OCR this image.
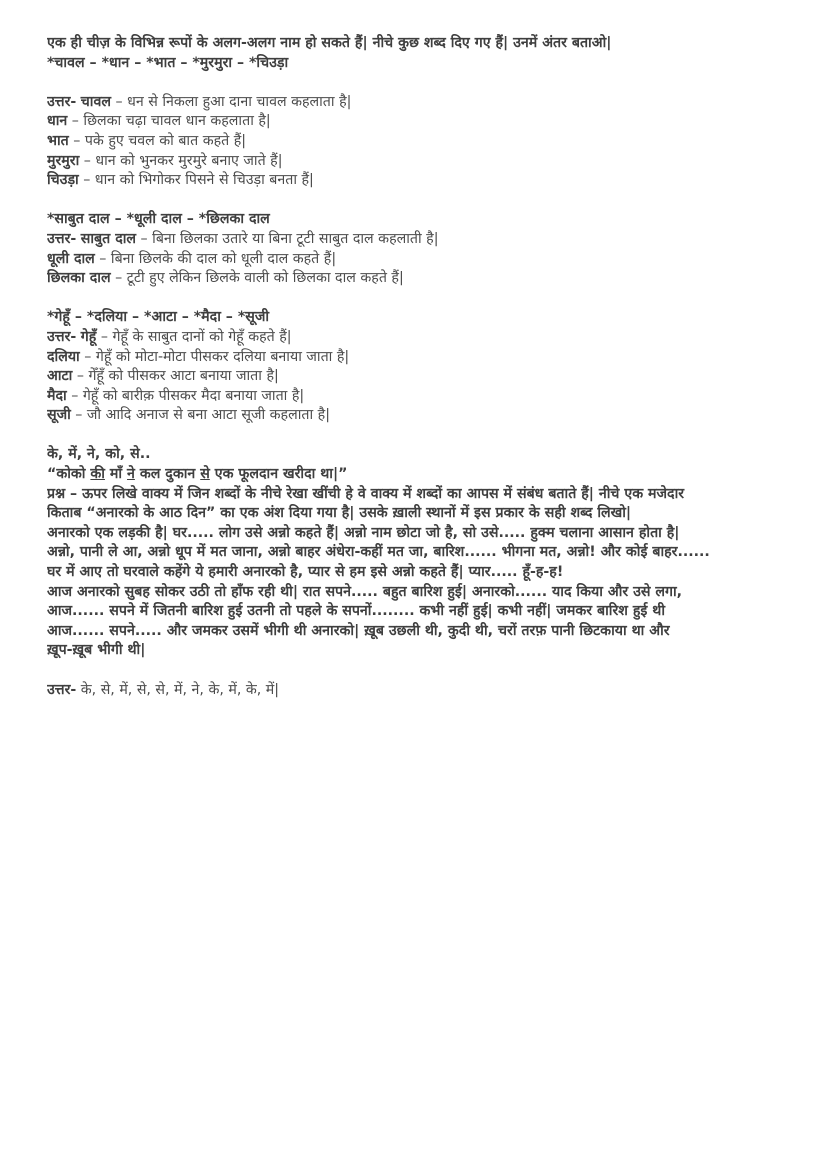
एक ही चीज़ के विभिन्न रूपों के अलग-अलग नाम हो सकते हैं| नीचे कुछ शब्द दिए गए हैं| उनमें अंतर बताओ|
*चावल – *धान – *भात – *मुरमुरा – *चिउड़ा
उत्तर- चावल – धन से निकला हुआ दाना चावल कहलाता है|
धान – छिलका चढ़ा चावल धान कहलाता है|
भात – पके हुए चवल को बात कहते हैं|
मुरमुरा – धान को भुनकर मुरमुरे बनाए जाते हैं|
चिउड़ा – धान को भिगोकर पिसने से चिउड़ा बनता हैं|
*साबुत दाल – *धूली दाल – *छिलका दाल
उत्तर- साबुत दाल – बिना छिलका उतारे या बिना टूटी साबुत दाल कहलाती है|
धूली दाल – बिना छिलके की दाल को धूली दाल कहते हैं|
छिलका दाल – टूटी हुए लेकिन छिलके वाली को छिलका दाल कहते हैं|
*गेहूँ – *दलिया – *आटा – *मैदा – *सूजी
उत्तर- गेहूँ – गेहूँ के साबुत दानों को गेहूँ कहते हैं|
दलिया – गेहूँ को मोटा-मोटा पीसकर दलिया बनाया जाता है|
आटा – गेँहूँ को पीसकर आटा बनाया जाता है|
मैदा – गेहूँ को बारीक़ पीसकर मैदा बनाया जाता है|
सूजी – जौ आदि अनाज से बना आटा सूजी कहलाता है|
के, में, ने, को, से..
“कोको की माँ ने कल दुकान से एक फूलदान खरीदा था|”
प्रश्न – ऊपर लिखे वाक्य में जिन शब्दों के नीचे रेखा खींची हे वे वाक्य में शब्दों का आपस में संबंध बताते हैं| नीचे एक मजेदार
किताब “अनारको के आठ दिन” का एक अंश दिया गया है| उसके ख़ाली स्थानों में इस प्रकार के सही शब्द लिखो|
अनारको एक लड़की है| घर..... लोग उसे अन्नो कहते हैं| अन्नो नाम छोटा जो है, सो उसे..... हुक्म चलाना आसान होता है|
अन्नो, पानी ले आ, अन्नो धूप में मत जाना, अन्नो बाहर अंधेरा-कहीं मत जा, बारिश...... भीगना मत, अन्नो! और कोई बाहर......
घर में आए तो घरवाले कहेंगे ये हमारी अनारको है, प्यार से हम इसे अन्नो कहते हैं| प्यार..... हूँ-ह-ह!
आज अनारको सुबह सोकर उठी तो हाँफ रही थी| रात सपने..... बहुत बारिश हुई| अनारको...... याद किया और उसे लगा,
आज...... सपने में जितनी बारिश हुई उतनी तो पहले के सपनों........ कभी नहीं हुई| कभी नहीं| जमकर बारिश हुई थी
आज...... सपने..... और जमकर उसमें भीगी थी अनारको| ख़ूब उछली थी, कुदी थी, चरों तरफ़ पानी छिटकाया था और
ख़ूप-ख़ूब भीगी थी|
उत्तर- के, से, में, से, से, में, ने, के, में, के, में|
